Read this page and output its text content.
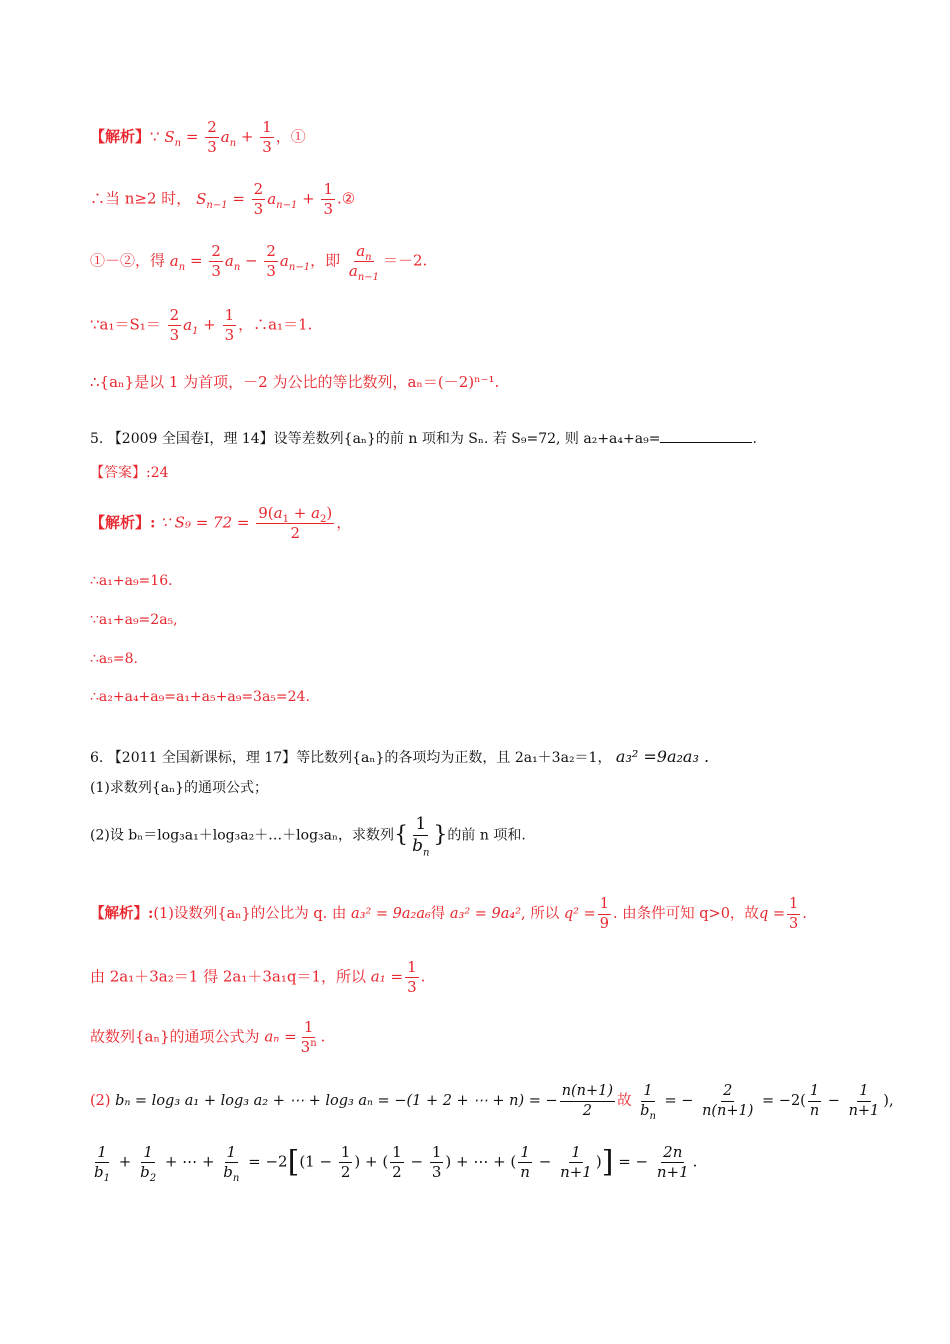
【解析】∵ $S_n = \frac{2}{3} a_n + \frac{1}{3}$ ，①
∴当 n≥2 时， $S_{n-1} = \frac{2}{3} a_{n-1} + \frac{1}{3}$ .②
①－②，得 $a_n = \frac{2}{3} a_n - \frac{2}{3} a_{n-1}$，即 $\frac{a_n}{a_{n-1}} =-2$.
∵a₁＝S₁＝ $\frac{2}{3} a_1 + \frac{1}{3}$ ，∴a₁＝1.
∴{aₙ}是以 1 为首项，－2 为公比的等比数列，aₙ＝(－2)ⁿ⁻¹.
5. 【2009 全国卷Ⅰ，理 14】设等差数列{aₙ}的前 n 项和为 Sₙ. 若 S₉=72, 则 a₂+a₄+a₉=	.
【答案】:24
【解析】: ∵ $S_9 = 72 = \frac{9(a_1 + a_2)}{2}$ ，
∴a₁+a₉=16.
∵a₁+a₉=2a₅,
∴a₅=8.
∴a₂+a₄+a₉=a₁+a₅+a₉=3a₅=24.
6. 【2011 全国新课标，理 17】等比数列{aₙ}的各项均为正数，且 2a₁＋3a₂＝1， a₃² =9a₂a₃ .
(1)求数列{aₙ}的通项公式；
(2)设 bₙ＝log₃a₁＋log₃a₂＋…＋log₃aₙ，求数列{ $\frac{1}{b_n}$ }的前 n 项和.
【解析】:(1)设数列{aₙ}的公比为 q. 由 a₃² = 9a₂a₆得 a₃² = 9a₄², 所以 $q^2 = \frac{1}{9}$ . 由条件可知 q>0，故$q = \frac{1}{3}$ .
由 2a₁＋3a₂＝1 得 2a₁＋3a₁q＝1，所以 $a_1 = \frac{1}{3}$ .
故数列{aₙ}的通项公式为 $a_n = \frac{1}{3^n}$ .
(2) bₙ = log₃ a₁ + log₃ a₂ + ⋯ + log₃ aₙ = −(1 + 2 + ⋯ + n) = − $\frac{n(n+1)}{2}$ 故 $\frac{1}{b_n}$ = − $\frac{2}{n(n+1)} = -2( \frac{1}{n} - \frac{1}{n+1}$ ),
$\frac{1}{b_1} + \frac{1}{b_2}$ + ⋯ + $\frac{1}{b_n} = -2[(1 - \frac{1}{2}$ ) + ( $\frac{1}{2} - \frac{1}{3}$ ) + ⋯ + ( $\frac{1}{n} - \frac{1}{n+1}$ )] = − $\frac{2n}{n+1}$ .
